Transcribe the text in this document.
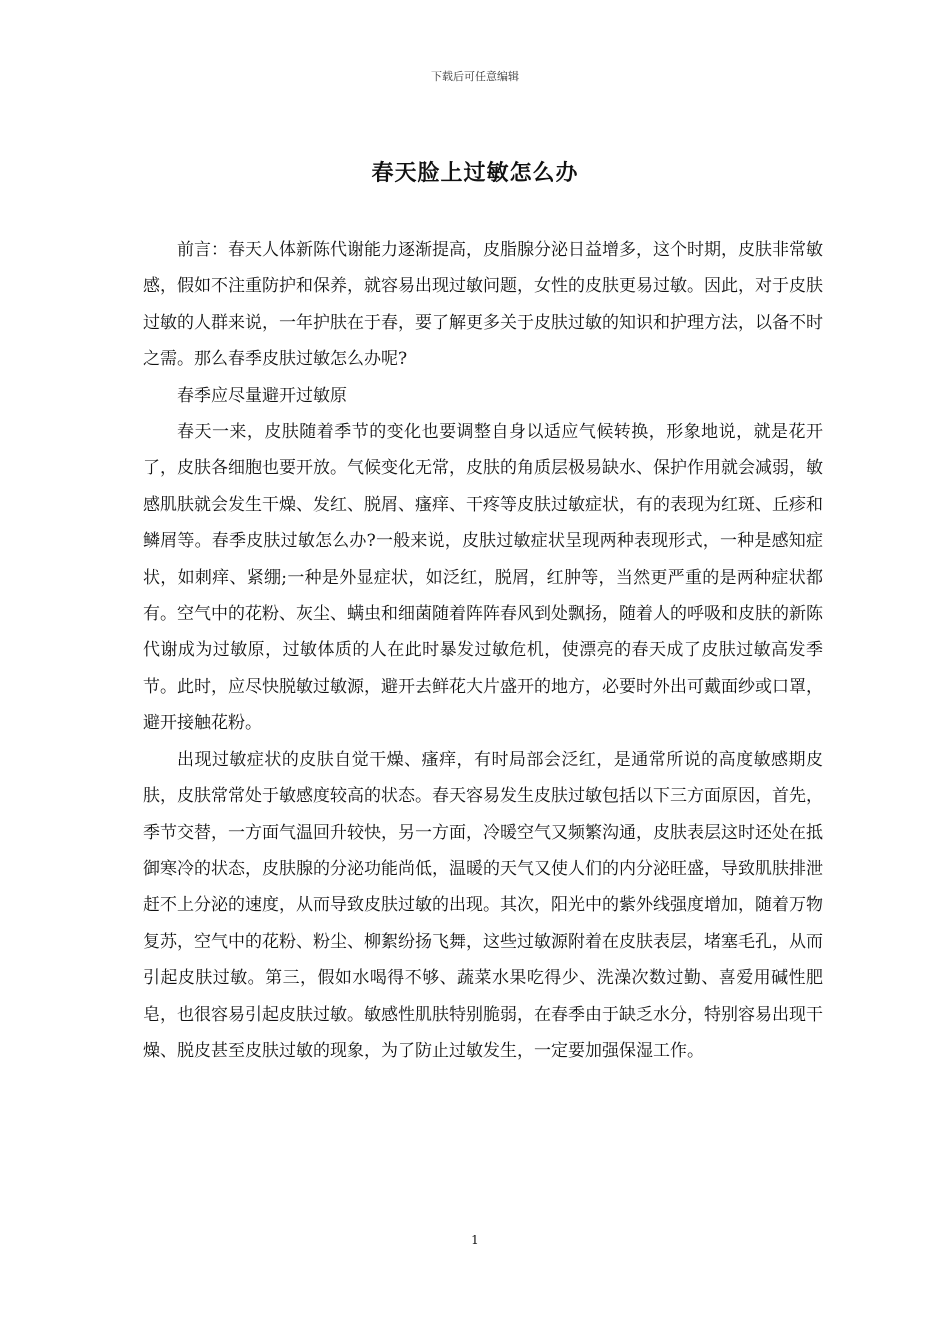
下载后可任意编辑
春天脸上过敏怎么办

前言：春天人体新陈代谢能力逐渐提高，皮脂腺分泌日益增多，这个时期，皮肤非常敏感，假如不注重防护和保养，就容易出现过敏问题，女性的皮肤更易过敏。因此，对于皮肤过敏的人群来说，一年护肤在于春，要了解更多关于皮肤过敏的知识和护理方法，以备不时之需。那么春季皮肤过敏怎么办呢?

春季应尽量避开过敏原

春天一来，皮肤随着季节的变化也要调整自身以适应气候转换，形象地说，就是花开了，皮肤各细胞也要开放。气候变化无常，皮肤的角质层极易缺水、保护作用就会减弱，敏感肌肤就会发生干燥、发红、脱屑、瘙痒、干疼等皮肤过敏症状，有的表现为红斑、丘疹和鳞屑等。春季皮肤过敏怎么办?一般来说，皮肤过敏症状呈现两种表现形式，一种是感知症状，如刺痒、紧绷;一种是外显症状，如泛红，脱屑，红肿等，当然更严重的是两种症状都有。空气中的花粉、灰尘、螨虫和细菌随着阵阵春风到处飘扬，随着人的呼吸和皮肤的新陈代谢成为过敏原，过敏体质的人在此时暴发过敏危机，使漂亮的春天成了皮肤过敏高发季节。此时，应尽快脱敏过敏源，避开去鲜花大片盛开的地方，必要时外出可戴面纱或口罩，避开接触花粉。

出现过敏症状的皮肤自觉干燥、瘙痒，有时局部会泛红，是通常所说的高度敏感期皮肤，皮肤常常处于敏感度较高的状态。春天容易发生皮肤过敏包括以下三方面原因，首先，季节交替，一方面气温回升较快，另一方面，冷暖空气又频繁沟通，皮肤表层这时还处在抵御寒冷的状态，皮肤腺的分泌功能尚低，温暖的天气又使人们的内分泌旺盛，导致肌肤排泄赶不上分泌的速度，从而导致皮肤过敏的出现。其次，阳光中的紫外线强度增加，随着万物复苏，空气中的花粉、粉尘、柳絮纷扬飞舞，这些过敏源附着在皮肤表层，堵塞毛孔，从而引起皮肤过敏。第三，假如水喝得不够、蔬菜水果吃得少、洗澡次数过勤、喜爱用碱性肥皂，也很容易引起皮肤过敏。敏感性肌肤特别脆弱，在春季由于缺乏水分，特别容易出现干燥、脱皮甚至皮肤过敏的现象，为了防止过敏发生，一定要加强保湿工作。

1
